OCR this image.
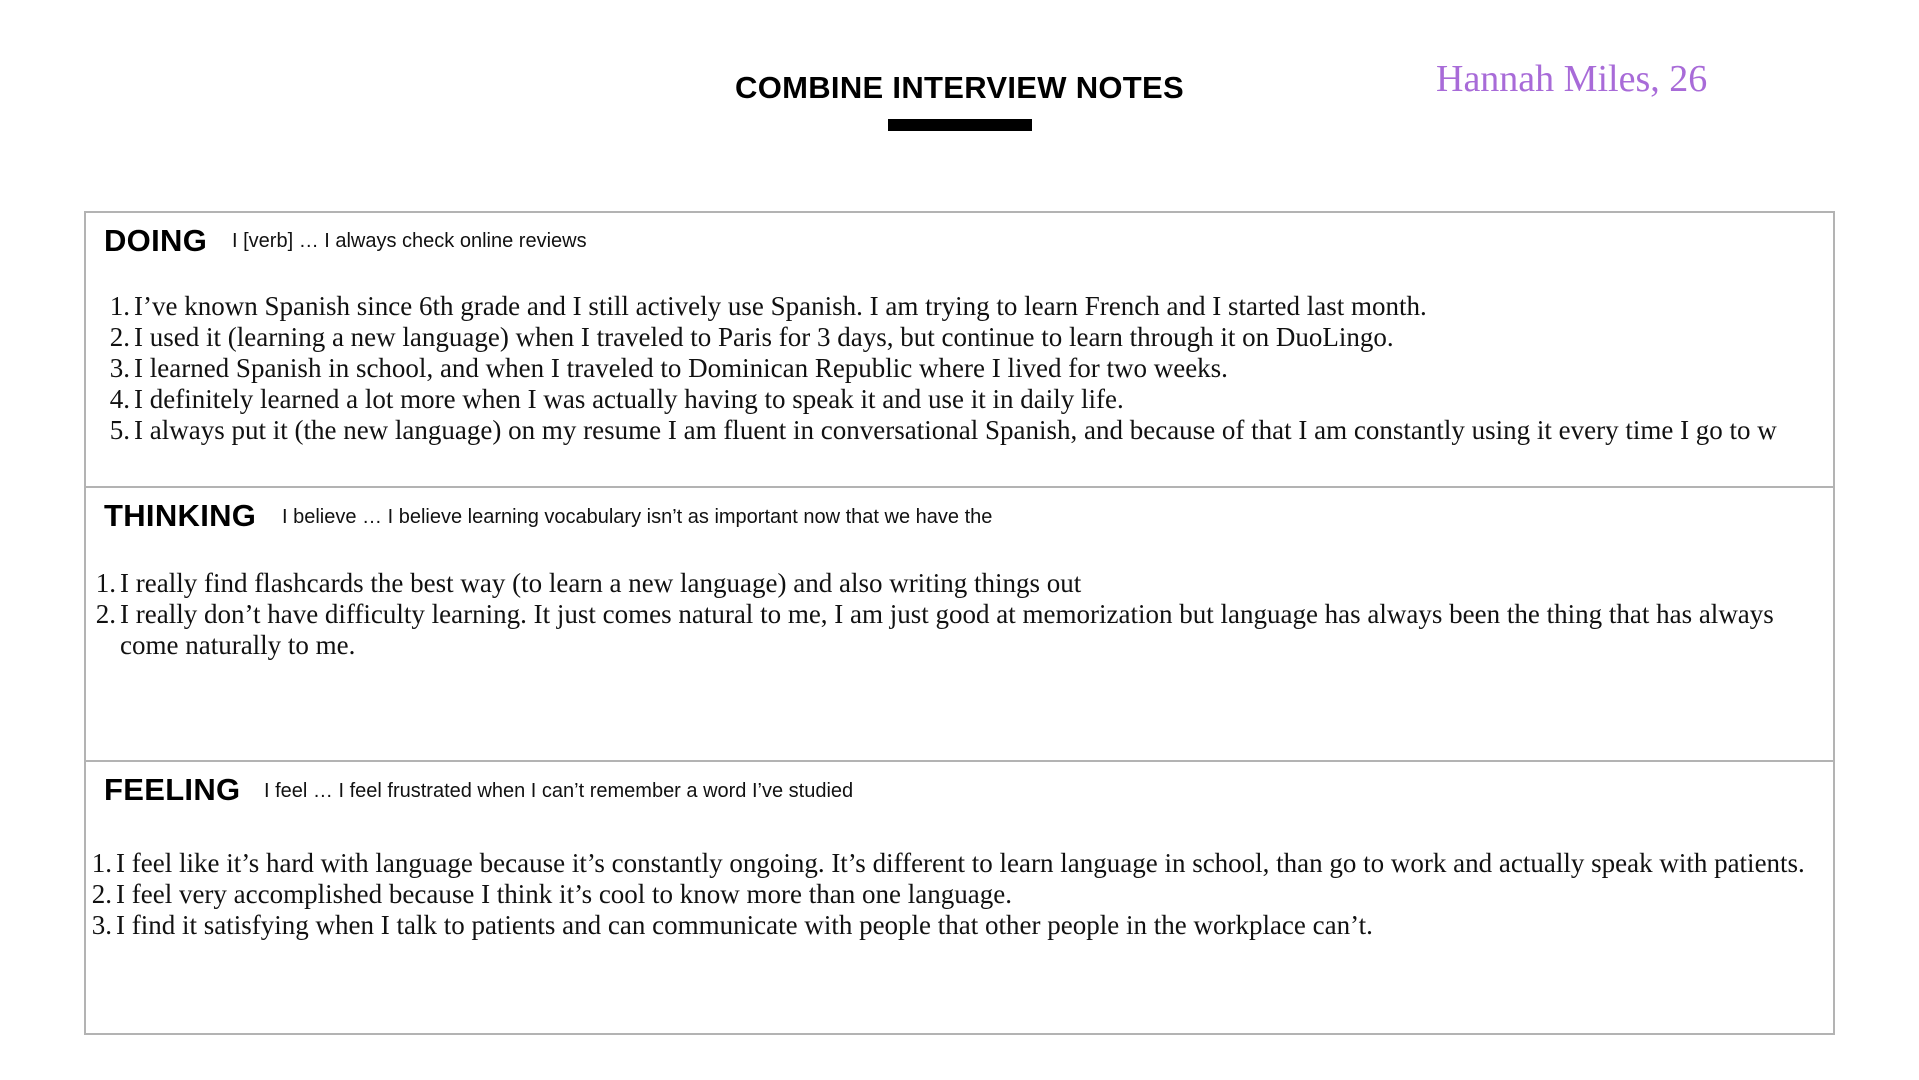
COMBINE INTERVIEW NOTES	Hannah Miles, 26
DOING I [verb] … I always check online reviews
1. I’ve known Spanish since 6th grade and I still actively use Spanish. I am trying to learn French and I started last month.
2. I used it (learning a new language) when I traveled to Paris for 3 days, but continue to learn through it on DuoLingo.
3. I learned Spanish in school, and when I traveled to Dominican Republic where I lived for two weeks.
4. I definitely learned a lot more when I was actually having to speak it and use it in daily life.
5. I always put it (the new language) on my resume I am fluent in conversational Spanish, and because of that I am constantly using it every time I go to w
THINKING I believe … I believe learning vocabulary isn’t as important now that we have the
1. I really find flashcards the best way (to learn a new language) and also writing things out
2. I really don’t have difficulty learning. It just comes natural to me, I am just good at memorization but language has always been the thing that has always come naturally to me.
FEELING I feel … I feel frustrated when I can’t remember a word I’ve studied
1. I feel like it’s hard with language because it’s constantly ongoing. It’s different to learn language in school, than go to work and actually speak with patients.
2. I feel very accomplished because I think it’s cool to know more than one language.
3. I find it satisfying when I talk to patients and can communicate with people that other people in the workplace can’t.
